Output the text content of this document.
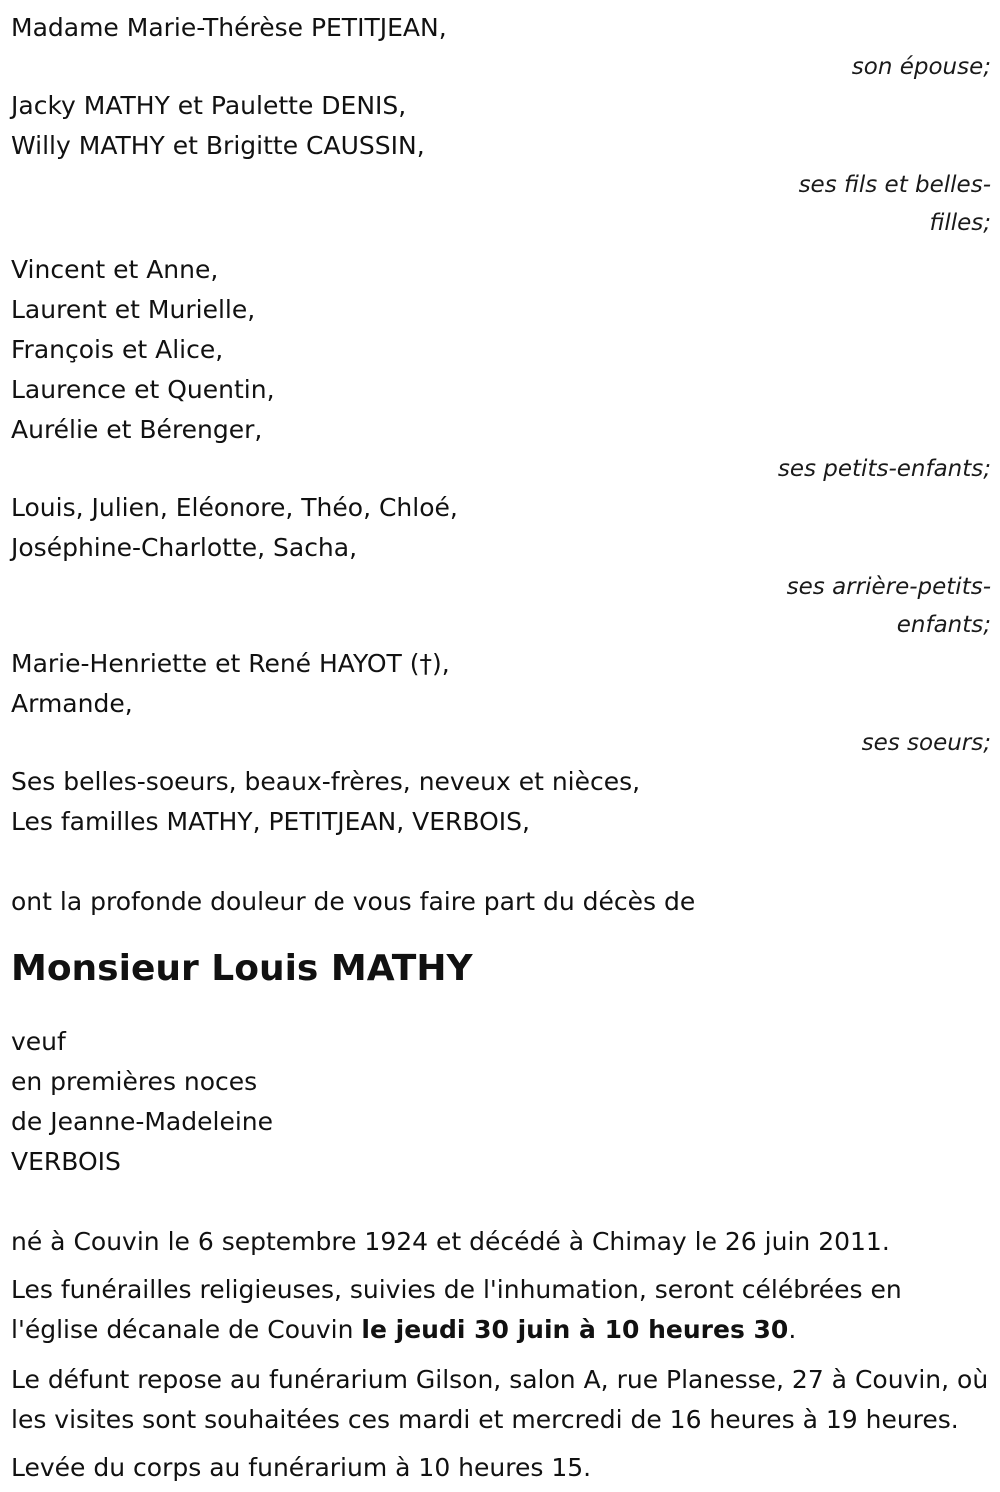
Madame Marie-Thérèse PETITJEAN,
son épouse;
Jacky MATHY et Paulette DENIS,
Willy MATHY et Brigitte CAUSSIN,
ses fils et belles-
filles;
Vincent et Anne,
Laurent et Murielle,
François et Alice,
Laurence et Quentin,
Aurélie et Bérenger,
ses petits-enfants;
Louis, Julien, Eléonore, Théo, Chloé,
Joséphine-Charlotte, Sacha,
ses arrière-petits-
enfants;
Marie-Henriette et René HAYOT (†),
Armande,
ses soeurs;
Ses belles-soeurs, beaux-frères, neveux et nièces,
Les familles MATHY, PETITJEAN, VERBOIS,
ont la profonde douleur de vous faire part du décès de
Monsieur Louis MATHY
veuf
en premières noces
de Jeanne-Madeleine
VERBOIS
né à Couvin le 6 septembre 1924 et décédé à Chimay le 26 juin 2011.
Les funérailles religieuses, suivies de l'inhumation, seront célébrées en l'église décanale de Couvin le jeudi 30 juin à 10 heures 30.
Le défunt repose au funérarium Gilson, salon A, rue Planesse, 27 à Couvin, où les visites sont souhaitées ces mardi et mercredi de 16 heures à 19 heures.
Levée du corps au funérarium à 10 heures 15.
